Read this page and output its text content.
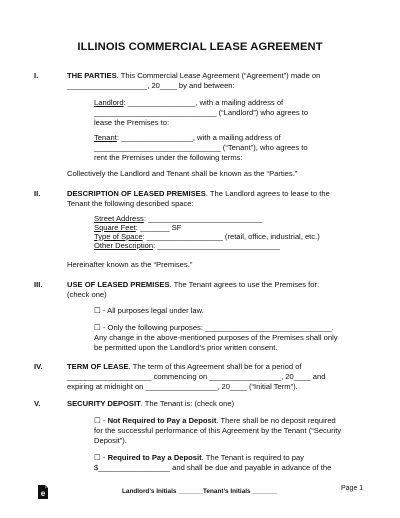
ILLINOIS COMMERCIAL LEASE AGREEMENT
I.	THE PARTIES. This Commercial Lease Agreement (“Agreement”) made on
___________________, 20____ by and between:
Landlord: ________________, with a mailing address of
_____________________________ (“Landlord”) who agrees to
lease the Premises to:
Tenant: _________________, with a mailing address of
______________________________ (“Tenant”), who agrees to
rent the Premises under the following terms:
Collectively the Landlord and Tenant shall be known as the “Parties.”
II.	DESCRIPTION OF LEASED PREMISES. The Landlord agrees to lease to the
Tenant the following described space:
Street Address: ___________________________
Square Feet: _______ SF
Type of Space: __________________ (retail, office, industrial, etc.)
Other Description: _____________________________
Hereinafter known as the “Premises.”
III.	USE OF LEASED PREMISES. The Tenant agrees to use the Premises for:
(check one)
☐ - All purposes legal under law.
☐ - Only the following purposes: ______________________________.
Any change in the above-mentioned purposes of the Premises shall only
be permitted upon the Landlord’s prior written consent.
IV.	TERM OF LEASE. The term of this Agreement shall be for a period of
____________________ commencing on _________________, 20____ and
expiring at midnight on _________________, 20____ (“Initial Term”).
V.	SECURITY DEPOSIT. The Tenant is: (check one)
☐ - Not Required to Pay a Deposit. There shall be no deposit required
for the successful performance of this Agreement by the Tenant (“Security
Deposit”).
☐ - Required to Pay a Deposit. The Tenant is required to pay
$_________________ and shall be due and payable in advance of the
e	Landlord’s Initials _______ Tenant’s Initials _______	Page 1
